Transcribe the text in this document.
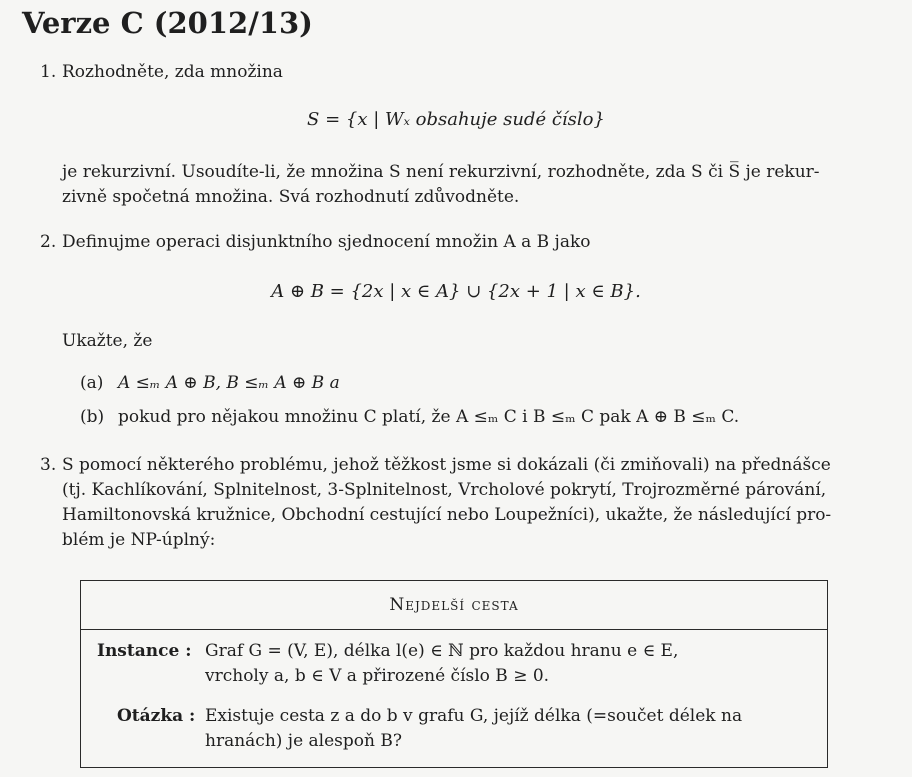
Verze C (2012/13)
1. Rozhodněte, zda množina
S = {x | Wₓ obsahuje sudé číslo}
je rekurzivní. Usoudíte-li, že množina S není rekurzivní, rozhodněte, zda S či S̅ je rekur-
zivně spočetná množina. Svá rozhodnutí zdůvodněte.
2. Definujme operaci disjunktního sjednocení množin A a B jako
A ⊕ B = {2x | x ∈ A} ∪ {2x + 1 | x ∈ B}.
Ukažte, že
(a) A ≤ₘ A ⊕ B, B ≤ₘ A ⊕ B a
(b) pokud pro nějakou množinu C platí, že A ≤ₘ C i B ≤ₘ C pak A ⊕ B ≤ₘ C.
3. S pomocí některého problému, jehož těžkost jsme si dokázali (či zmiňovali) na přednášce
(tj. Kachlíkování, Splnitelnost, 3-Splnitelnost, Vrcholové pokrytí, Trojrozměrné párování,
Hamiltonovská kružnice, Obchodní cestující nebo Loupežníci), ukažte, že následující pro-
blém je NP-úplný:
Nejdelší cesta
Instance : Graf G = (V, E), délka l(e) ∈ ℕ pro každou hranu e ∈ E,
vrcholy a, b ∈ V a přirozené číslo B ≥ 0.
Otázka : Existuje cesta z a do b v grafu G, jejíž délka (=součet délek na
hranách) je alespoň B?
